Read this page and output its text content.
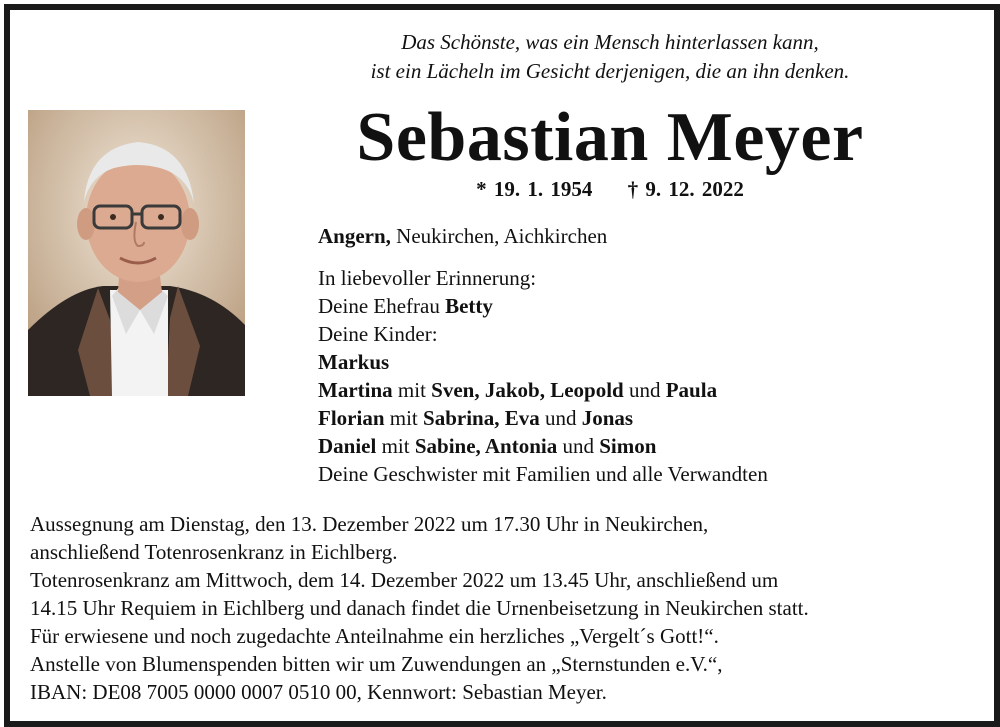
Das Schönste, was ein Mensch hinterlassen kann,
ist ein Lächeln im Gesicht derjenigen, die an ihn denken.
Sebastian Meyer
* 19. 1. 1954 † 9. 12. 2022
Angern, Neukirchen, Aichkirchen
In liebevoller Erinnerung:
Deine Ehefrau Betty
Deine Kinder:
Markus
Martina mit Sven, Jakob, Leopold und Paula
Florian mit Sabrina, Eva und Jonas
Daniel mit Sabine, Antonia und Simon
Deine Geschwister mit Familien und alle Verwandten
Aussegnung am Dienstag, den 13. Dezember 2022 um 17.30 Uhr in Neukirchen,
anschließend Totenrosenkranz in Eichlberg.
Totenrosenkranz am Mittwoch, dem 14. Dezember 2022 um 13.45 Uhr, anschließend um
14.15 Uhr Requiem in Eichlberg und danach findet die Urnenbeisetzung in Neukirchen statt.
Für erwiesene und noch zugedachte Anteilnahme ein herzliches „Vergelt´s Gott!“.
Anstelle von Blumenspenden bitten wir um Zuwendungen an „Sternstunden e.V.“,
IBAN: DE08 7005 0000 0007 0510 00, Kennwort: Sebastian Meyer.
